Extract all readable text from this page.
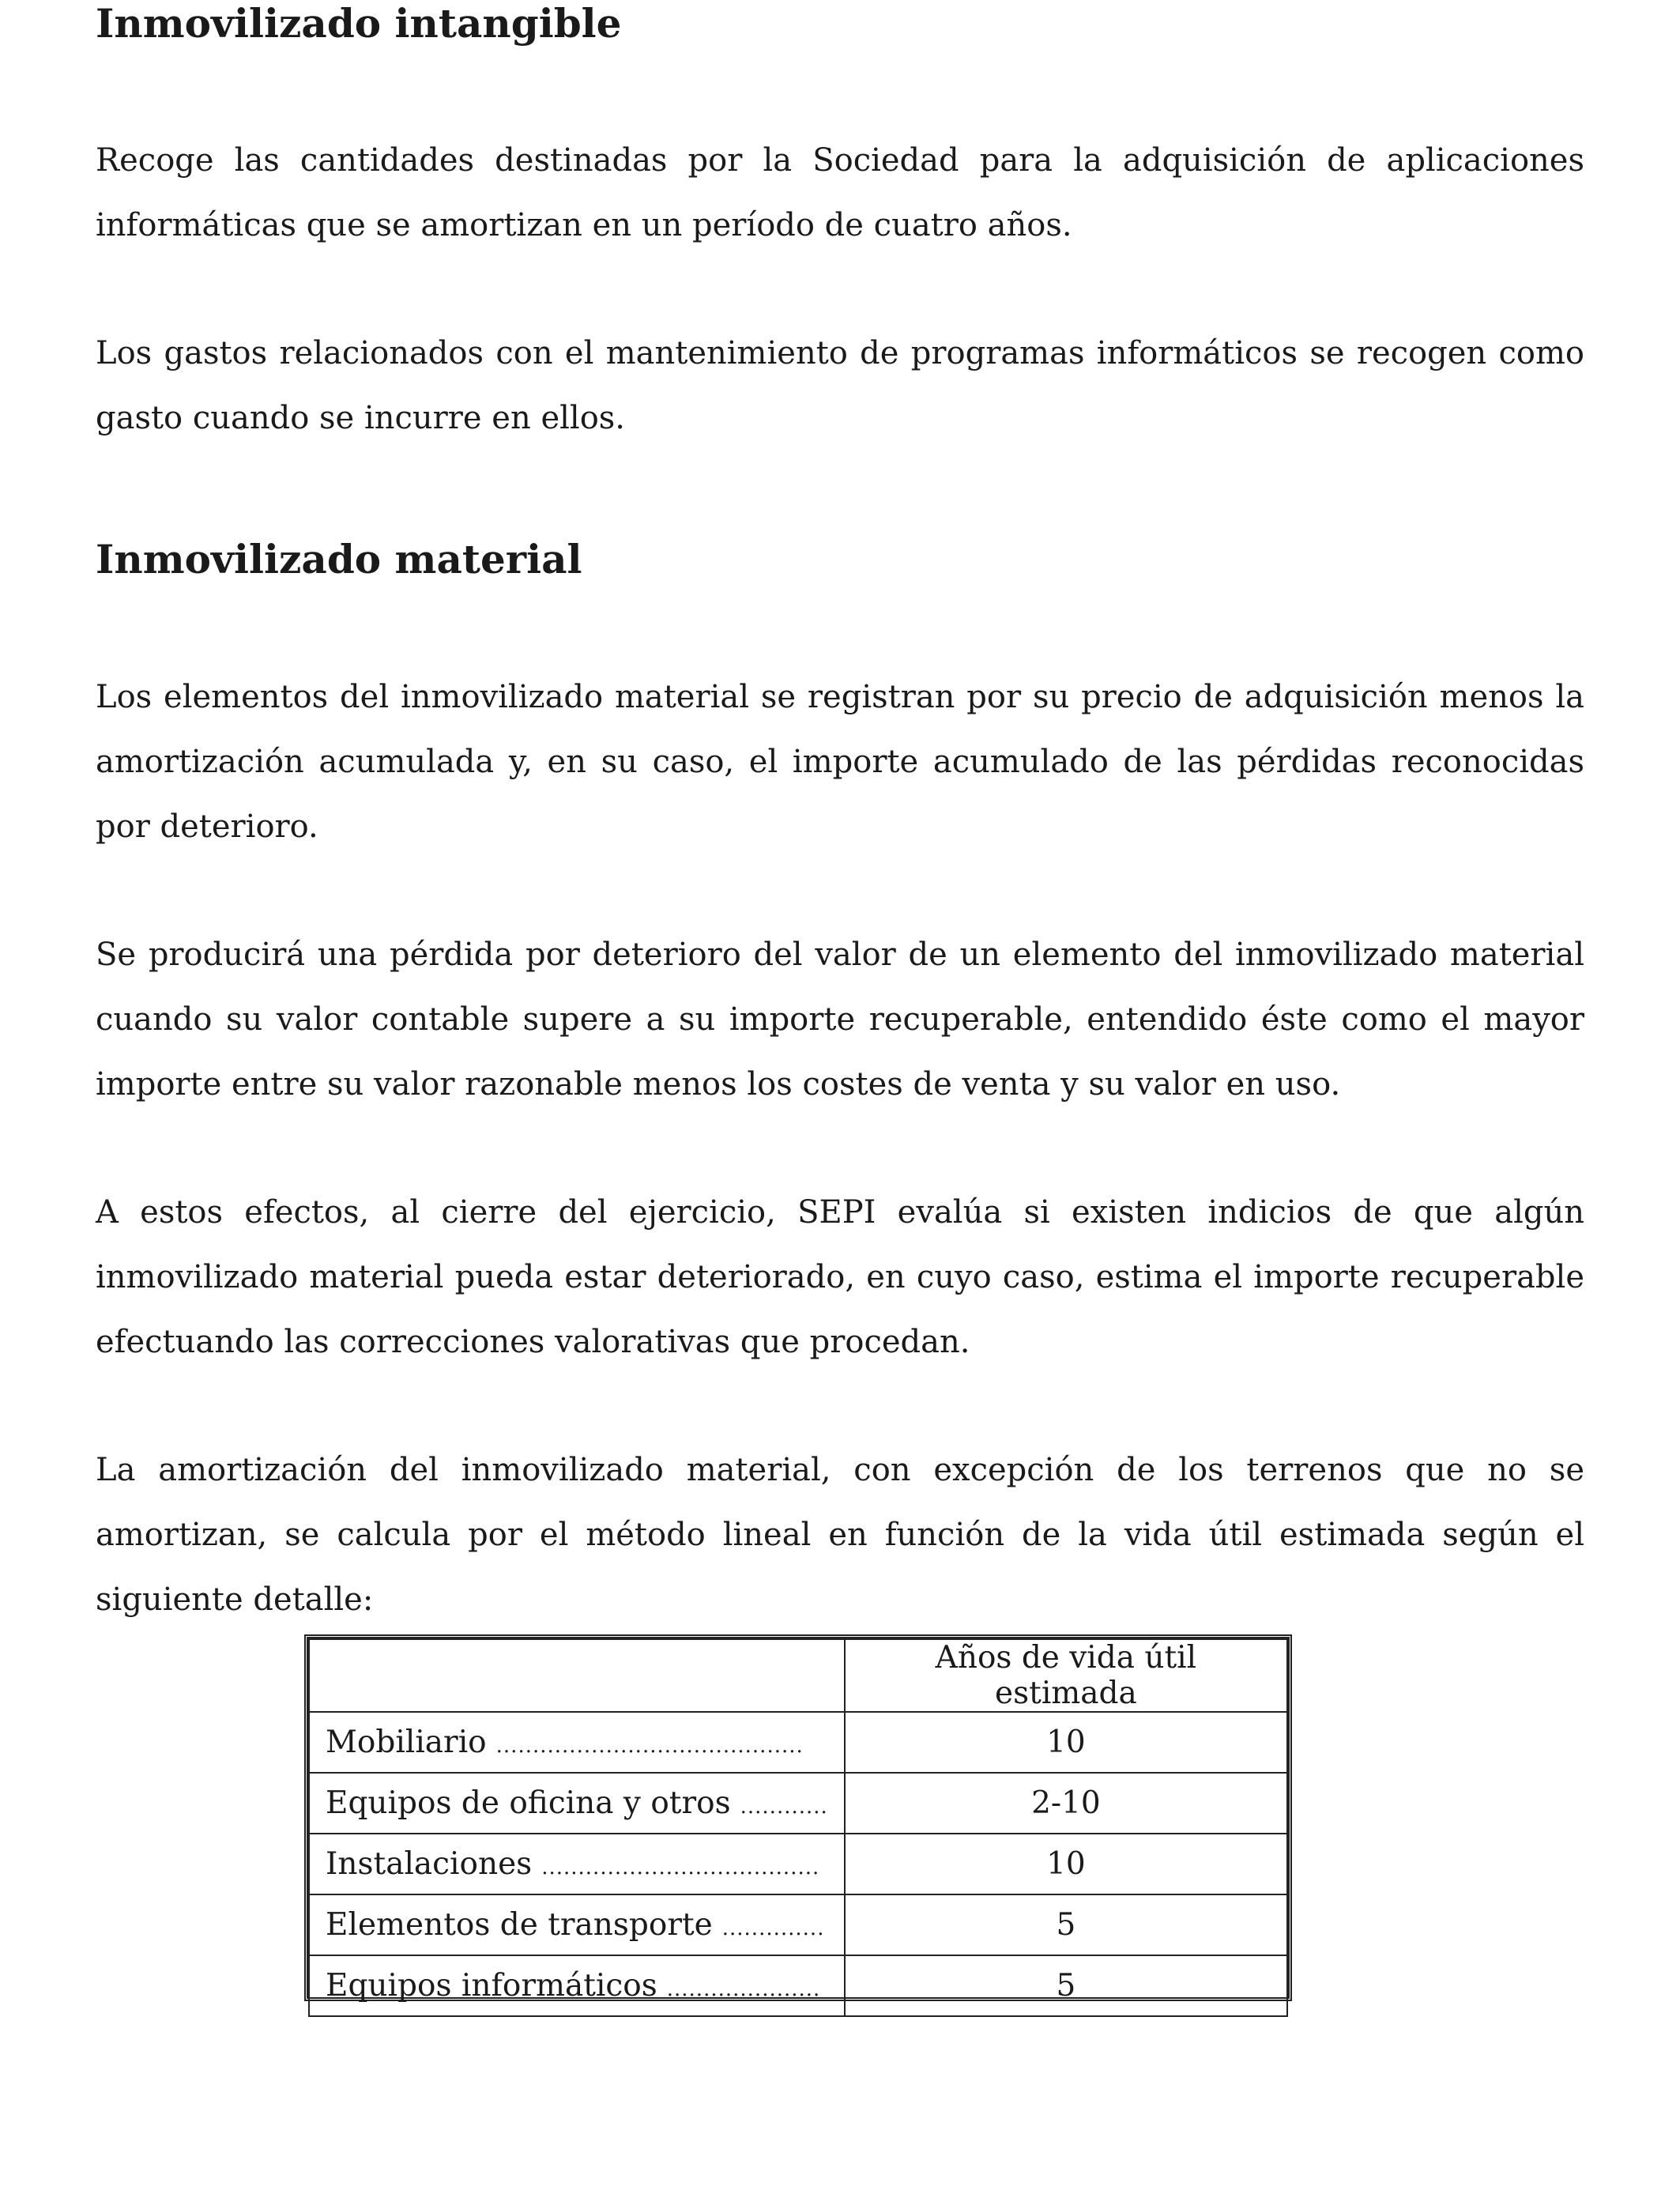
Inmovilizado intangible

Recoge las cantidades destinadas por la Sociedad para la adquisición de aplicaciones informáticas que se amortizan en un período de cuatro años.

Los gastos relacionados con el mantenimiento de programas informáticos se recogen como gasto cuando se incurre en ellos.

Inmovilizado material

Los elementos del inmovilizado material se registran por su precio de adquisición menos la amortización acumulada y, en su caso, el importe acumulado de las pérdidas reconocidas por deterioro.

Se producirá una pérdida por deterioro del valor de un elemento del inmovilizado material cuando su valor contable supere a su importe recuperable, entendido éste como el mayor importe entre su valor razonable menos los costes de venta y su valor en uso.

A estos efectos, al cierre del ejercicio, SEPI evalúa si existen indicios de que algún inmovilizado material pueda estar deteriorado, en cuyo caso, estima el importe recuperable efectuando las correcciones valorativas que procedan.

La amortización del inmovilizado material, con excepción de los terrenos que no se amortizan, se calcula por el método lineal en función de la vida útil estimada según el siguiente detalle:

	Años de vida útil estimada

Mobiliario ..........................................	10

Equipos de oficina y otros ............	2-10

Instalaciones ......................................	10

Elementos de transporte ..............	5

Equipos informáticos .....................	5
